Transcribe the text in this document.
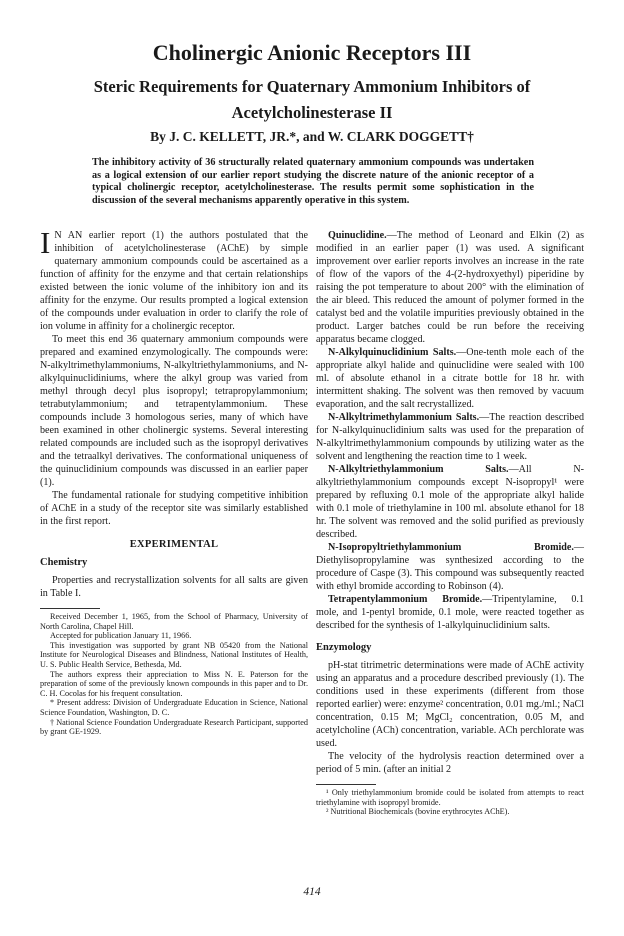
Cholinergic Anionic Receptors III
Steric Requirements for Quaternary Ammonium Inhibitors of Acetylcholinesterase II
By J. C. KELLETT, JR.*, and W. CLARK DOGGETT†

The inhibitory activity of 36 structurally related quaternary ammonium compounds was undertaken as a logical extension of our earlier report studying the discrete nature of the anionic receptor of a typical cholinergic receptor, acetylcholinesterase. The results permit some sophistication in the discussion of the several mechanisms apparently operative in this system.

I N AN earlier report (1) the authors postulated that the inhibition of acetylcholinesterase (AChE) by simple quaternary ammonium compounds could be ascertained as a function of affinity for the enzyme and that certain relationships existed between the ionic volume of the inhibitory ion and its affinity for the enzyme. Our results prompted a logical extension of the compounds under evaluation in order to clarify the role of ion volume in affinity for a cholinergic receptor.

To meet this end 36 quaternary ammonium compounds were prepared and examined enzymologically. The compounds were: N-alkyltrimethylammoniums, N-alkyltriethylammoniums, and N-alkylquinuclidiniums, where the alkyl group was varied from methyl through decyl plus isopropyl; tetrapropylammonium; tetrabutylammonium; and tetrapentylammonium. These compounds include 3 homologous series, many of which have been examined in other cholinergic systems. Several interesting related compounds are included such as the isopropyl derivatives and the tetraalkyl derivatives. The conformational uniqueness of the quinuclidinium compounds was discussed in an earlier paper (1).

The fundamental rationale for studying competitive inhibition of AChE in a study of the receptor site was similarly established in the first report.

EXPERIMENTAL

Chemistry

Properties and recrystallization solvents for all salts are given in Table I.

Received December 1, 1965, from the School of Pharmacy, University of North Carolina, Chapel Hill.

Accepted for publication January 11, 1966.

This investigation was supported by grant NB 05420 from the National Institute for Neurological Diseases and Blindness, National Institutes of Health, U. S. Public Health Service, Bethesda, Md.

The authors express their appreciation to Miss N. E. Paterson for the preparation of some of the previously known compounds in this paper and to Dr. C. H. Cocolas for his frequent consultation.

* Present address: Division of Undergraduate Education in Science, National Science Foundation, Washington, D. C.

† National Science Foundation Undergraduate Research Participant, supported by grant GE-1929.

Quinuclidine.—The method of Leonard and Elkin (2) as modified in an earlier paper (1) was used. A significant improvement over earlier reports involves an increase in the rate of flow of the vapors of the 4-(2-hydroxyethyl) piperidine by raising the pot temperature to about 200° with the elimination of the air bleed. This reduced the amount of polymer formed in the catalyst bed and the volatile impurities previously obtained in the product. Larger batches could be run before the receiving apparatus became clogged.

N-Alkylquinuclidinium Salts.—One-tenth mole each of the appropriate alkyl halide and quinuclidine were sealed with 100 ml. of absolute ethanol in a citrate bottle for 18 hr. with intermittent shaking. The solvent was then removed by vacuum evaporation, and the salt recrystallized.

N-Alkyltrimethylammonium Salts.—The reaction described for N-alkylquinuclidinium salts was used for the preparation of N-alkyltrimethylammonium compounds by utilizing water as the solvent and lengthening the reaction time to 1 week.

N-Alkyltriethylammonium Salts.—All N-alkyltriethylammonium compounds except N-isopropyl¹ were prepared by refluxing 0.1 mole of the appropriate alkyl halide with 0.1 mole of triethylamine in 100 ml. absolute ethanol for 18 hr. The solvent was removed and the solid purified as previously described.

N-Isopropyltriethylammonium Bromide.—Diethylisopropylamine was synthesized according to the procedure of Caspe (3). This compound was subsequently reacted with ethyl bromide according to Robinson (4).

Tetrapentylammonium Bromide.—Tripentylamine, 0.1 mole, and 1-pentyl bromide, 0.1 mole, were reacted together as described for the synthesis of 1-alkylquinuclidinium salts.

Enzymology

pH-stat titrimetric determinations were made of AChE activity using an apparatus and a procedure described previously (1). The conditions used in these experiments (different from those reported earlier) were: enzyme² concentration, 0.01 mg./ml.; NaCl concentration, 0.15 M; MgCl₂ concentration, 0.05 M, and acetylcholine (ACh) concentration, variable. ACh perchlorate was used.

The velocity of the hydrolysis reaction determined over a period of 5 min. (after an initial 2

¹ Only triethylammonium bromide could be isolated from attempts to react triethylamine with isopropyl bromide.

² Nutritional Biochemicals (bovine erythrocytes AChE).

414
